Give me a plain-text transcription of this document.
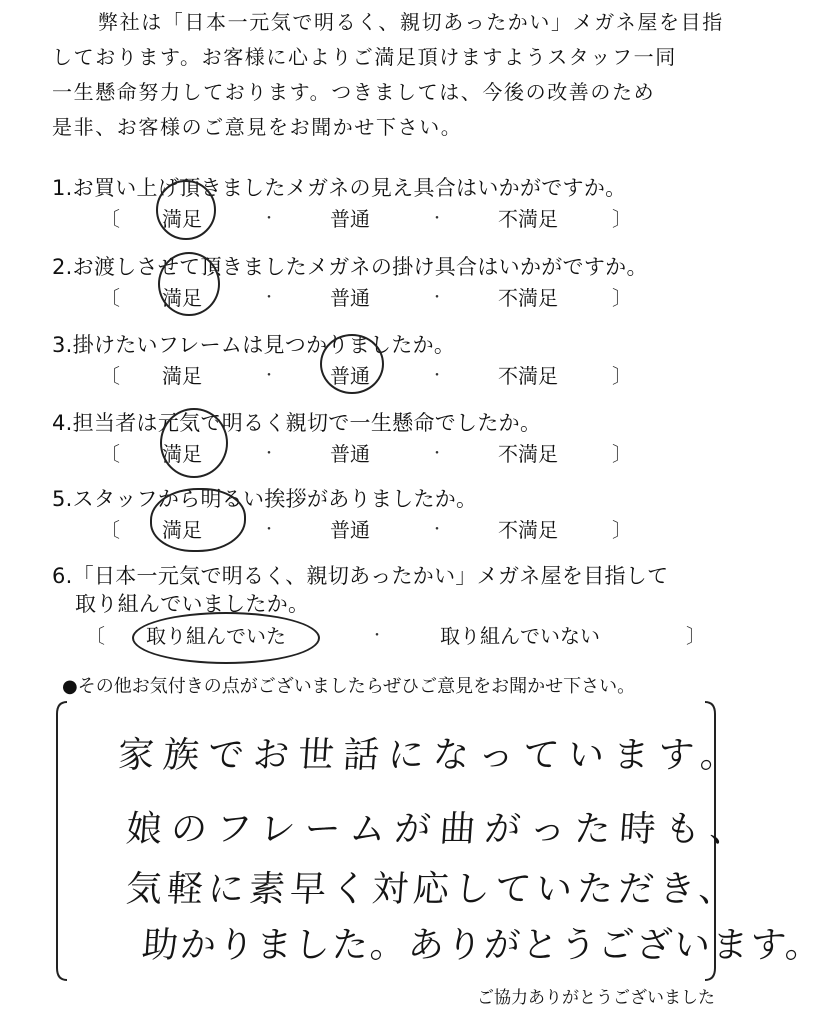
弊社は「日本一元気で明るく、親切あったかい」メガネ屋を目指
しております。お客様に心よりご満足頂けますようスタッフ一同
一生懸命努力しております。つきましては、今後の改善のため
是非、お客様のご意見をお聞かせ下さい。
1.お買い上げ頂きましたメガネの見え具合はいかがですか。
〔 満足	・	普通	・	不満足	〕
2.お渡しさせて頂きましたメガネの掛け具合はいかがですか。
〔 満足	・	普通	・	不満足	〕
3.掛けたいフレームは見つかりましたか。
〔 満足	・	普通	・	不満足	〕
4.担当者は元気で明るく親切で一生懸命でしたか。
〔 満足	・	普通	・	不満足	〕
5.スタッフから明るい挨拶がありましたか。
〔 満足	・	普通	・	不満足	〕
6.「日本一元気で明るく、親切あったかい」メガネ屋を目指して
取り組んでいましたか。
〔 取り組んでいた	・	取り組んでいない	〕
●その他お気付きの点がございましたらぜひご意見をお聞かせ下さい。
家族でお世話になっています。
娘のフレームが曲がった時も、
気軽に素早く対応していただき、
助かりました。ありがとうございます。
ご協力ありがとうございました
